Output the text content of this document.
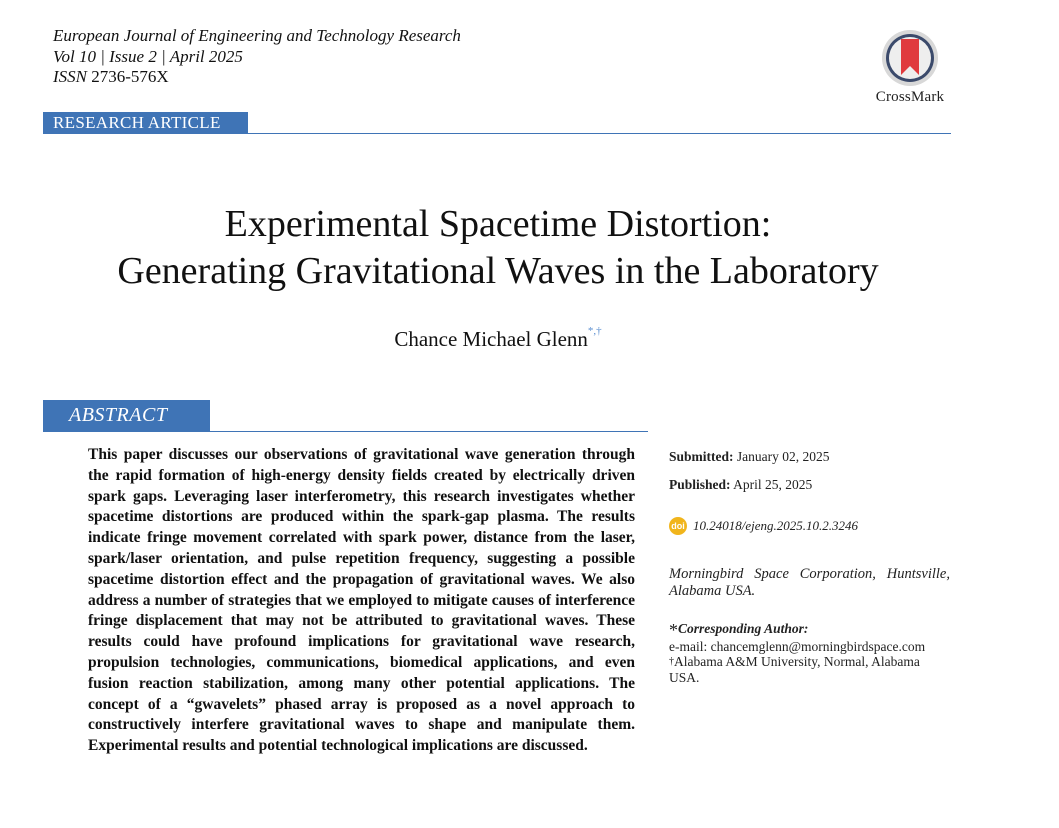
European Journal of Engineering and Technology Research
Vol 10 | Issue 2 | April 2025
ISSN 2736-576X
CrossMark
RESEARCH ARTICLE
Experimental Spacetime Distortion:
Generating Gravitational Waves in the Laboratory
Chance Michael Glenn*,†
ABSTRACT
This paper discusses our observations of gravitational wave generation through the rapid formation of high-energy density fields created by electrically driven spark gaps. Leveraging laser interferometry, this research investigates whether spacetime distortions are produced within the spark-gap plasma. The results indicate fringe movement correlated with spark power, distance from the laser, spark/laser orientation, and pulse repetition frequency, suggesting a possible spacetime distortion effect and the propagation of gravitational waves. We also address a number of strategies that we employed to mitigate causes of interference fringe displacement that may not be attributed to gravitational waves. These results could have profound implications for gravitational wave research, propulsion technologies, communications, biomedical applications, and even fusion reaction stabilization, among many other potential applications. The concept of a “gwavelets” phased array is proposed as a novel approach to constructively interfere gravitational waves to shape and manipulate them. Experimental results and potential technological implications are discussed.
Submitted: January 02, 2025
Published: April 25, 2025
doi 10.24018/ejeng.2025.10.2.3246
Morningbird Space Corporation, Huntsville, Alabama USA.
*Corresponding Author:
e-mail: chancemglenn@morningbirdspace.com
†Alabama A&M University, Normal, Alabama USA.
